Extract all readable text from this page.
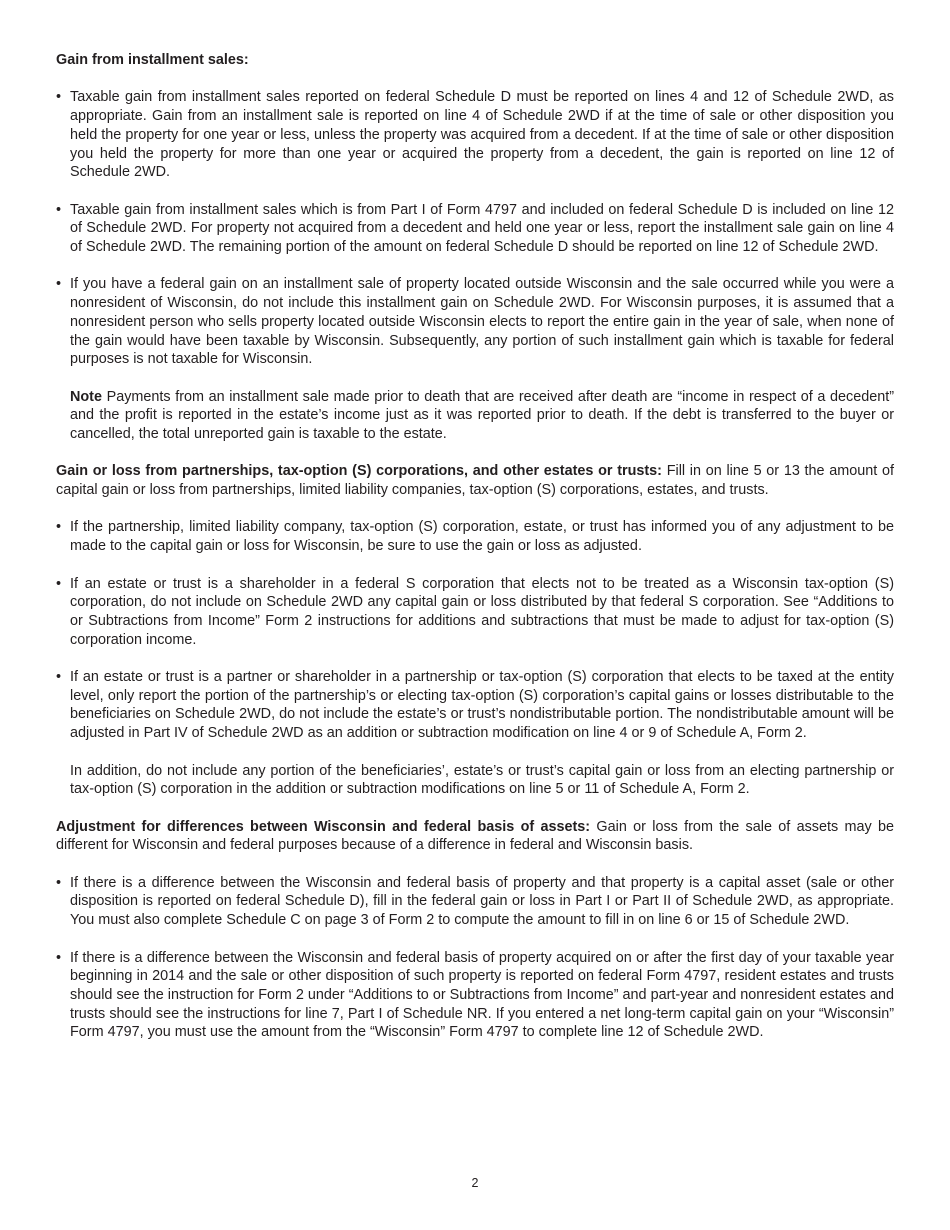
Gain from installment sales:
• Taxable gain from installment sales reported on federal Schedule D must be reported on lines 4 and 12 of Schedule 2WD, as appropriate. Gain from an installment sale is reported on line 4 of Schedule 2WD if at the time of sale or other disposition you held the property for one year or less, unless the property was acquired from a decedent. If at the time of sale or other disposition you held the property for more than one year or acquired the property from a decedent, the gain is reported on line 12 of Schedule 2WD.
• Taxable gain from installment sales which is from Part I of Form 4797 and included on federal Schedule D is included on line 12 of Schedule 2WD. For property not acquired from a decedent and held one year or less, report the installment sale gain on line 4 of Schedule 2WD. The remaining portion of the amount on federal Schedule D should be reported on line 12 of Schedule 2WD.
• If you have a federal gain on an installment sale of property located outside Wisconsin and the sale occurred while you were a nonresident of Wisconsin, do not include this installment gain on Schedule 2WD. For Wisconsin purposes, it is assumed that a nonresident person who sells property located outside Wisconsin elects to report the entire gain in the year of sale, when none of the gain would have been taxable by Wisconsin. Subsequently, any portion of such installment gain which is taxable for federal purposes is not taxable for Wisconsin.
Note Payments from an installment sale made prior to death that are received after death are “income in respect of a decedent” and the profit is reported in the estate’s income just as it was reported prior to death. If the debt is transferred to the buyer or cancelled, the total unreported gain is taxable to the estate.

Gain or loss from partnerships, tax-option (S) corporations, and other estates or trusts: Fill in on line 5 or 13 the amount of capital gain or loss from partnerships, limited liability companies, tax-option (S) corporations, estates, and trusts.

• If the partnership, limited liability company, tax-option (S) corporation, estate, or trust has informed you of any adjustment to be made to the capital gain or loss for Wisconsin, be sure to use the gain or loss as adjusted.
• If an estate or trust is a shareholder in a federal S corporation that elects not to be treated as a Wisconsin tax-option (S) corporation, do not include on Schedule 2WD any capital gain or loss distributed by that federal S corporation. See “Additions to or Subtractions from Income” Form 2 instructions for additions and subtractions that must be made to adjust for tax-option (S) corporation income.
• If an estate or trust is a partner or shareholder in a partnership or tax-option (S) corporation that elects to be taxed at the entity level, only report the portion of the partnership’s or electing tax-option (S) corporation’s capital gains or losses distributable to the beneficiaries on Schedule 2WD, do not include the estate’s or trust’s nondistributable portion. The nondistributable amount will be adjusted in Part IV of Schedule 2WD as an addition or subtraction modification on line 4 or 9 of Schedule A, Form 2.
In addition, do not include any portion of the beneficiaries’, estate’s or trust’s capital gain or loss from an electing partnership or tax-option (S) corporation in the addition or subtraction modifications on line 5 or 11 of Schedule A, Form 2.

Adjustment for differences between Wisconsin and federal basis of assets: Gain or loss from the sale of assets may be different for Wisconsin and federal purposes because of a difference in federal and Wisconsin basis.

• If there is a difference between the Wisconsin and federal basis of property and that property is a capital asset (sale or other disposition is reported on federal Schedule D), fill in the federal gain or loss in Part I or Part II of Schedule 2WD, as appropriate. You must also complete Schedule C on page 3 of Form 2 to compute the amount to fill in on line 6 or 15 of Schedule 2WD.
• If there is a difference between the Wisconsin and federal basis of property acquired on or after the first day of your taxable year beginning in 2014 and the sale or other disposition of such property is reported on federal Form 4797, resident estates and trusts should see the instruction for Form 2 under “Additions to or Subtractions from Income” and part-year and nonresident estates and trusts should see the instructions for line 7, Part I of Schedule NR. If you entered a net long-term capital gain on your “Wisconsin” Form 4797, you must use the amount from the “Wisconsin” Form 4797 to complete line 12 of Schedule 2WD.
2
